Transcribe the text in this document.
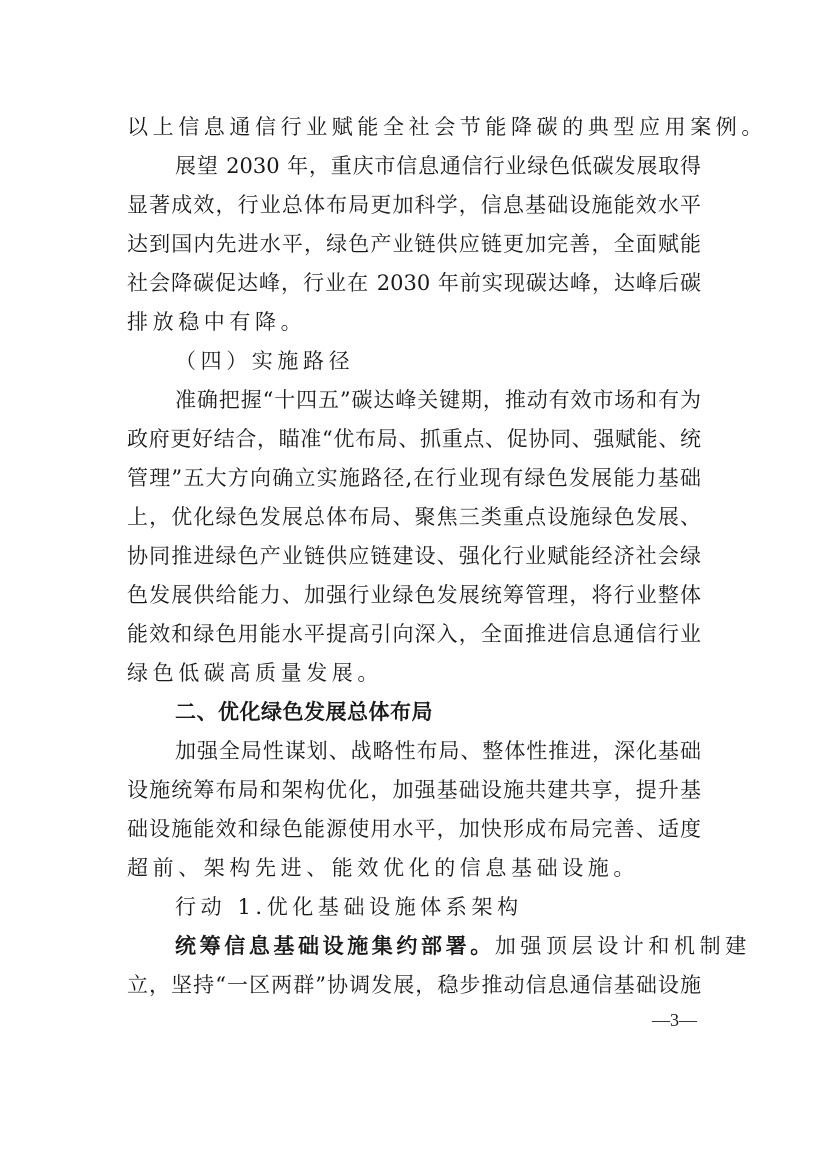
以上信息通信行业赋能全社会节能降碳的典型应用案例。
展望 2030 年，重庆市信息通信行业绿色低碳发展取得
显著成效，行业总体布局更加科学，信息基础设施能效水平
达到国内先进水平，绿色产业链供应链更加完善，全面赋能
社会降碳促达峰，行业在 2030 年前实现碳达峰，达峰后碳
排放稳中有降。
（四）实施路径
准确把握“十四五”碳达峰关键期，推动有效市场和有为
政府更好结合，瞄准“优布局、抓重点、促协同、强赋能、统
管理”五大方向确立实施路径,在行业现有绿色发展能力基础
上，优化绿色发展总体布局、聚焦三类重点设施绿色发展、
协同推进绿色产业链供应链建设、强化行业赋能经济社会绿
色发展供给能力、加强行业绿色发展统筹管理，将行业整体
能效和绿色用能水平提高引向深入，全面推进信息通信行业
绿色低碳高质量发展。
二、优化绿色发展总体布局
加强全局性谋划、战略性布局、整体性推进，深化基础
设施统筹布局和架构优化，加强基础设施共建共享，提升基
础设施能效和绿色能源使用水平，加快形成布局完善、适度
超前、架构先进、能效优化的信息基础设施。
行动 1.优化基础设施体系架构
统筹信息基础设施集约部署。加强顶层设计和机制建
立，坚持“一区两群”协调发展，稳步推动信息通信基础设施
—3—
